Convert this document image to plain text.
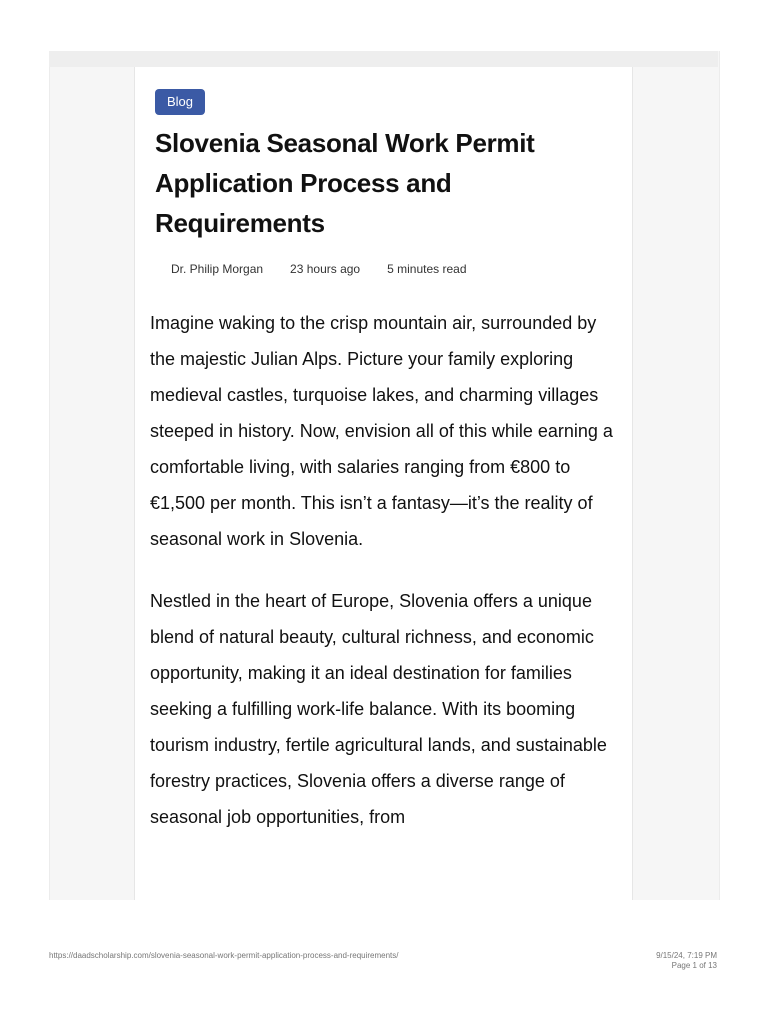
Blog
Slovenia Seasonal Work Permit Application Process and Requirements
Dr. Philip Morgan 23 hours ago 5 minutes read

Imagine waking to the crisp mountain air, surrounded by the majestic Julian Alps. Picture your family exploring medieval castles, turquoise lakes, and charming villages steeped in history. Now, envision all of this while earning a comfortable living, with salaries ranging from €800 to €1,500 per month. This isn’t a fantasy—it’s the reality of seasonal work in Slovenia.

Nestled in the heart of Europe, Slovenia offers a unique blend of natural beauty, cultural richness, and economic opportunity, making it an ideal destination for families seeking a fulfilling work-life balance. With its booming tourism industry, fertile agricultural lands, and sustainable forestry practices, Slovenia offers a diverse range of seasonal job opportunities, from

https://daadscholarship.com/slovenia-seasonal-work-permit-application-process-and-requirements/	9/15/24, 7:19 PM
Page 1 of 13
